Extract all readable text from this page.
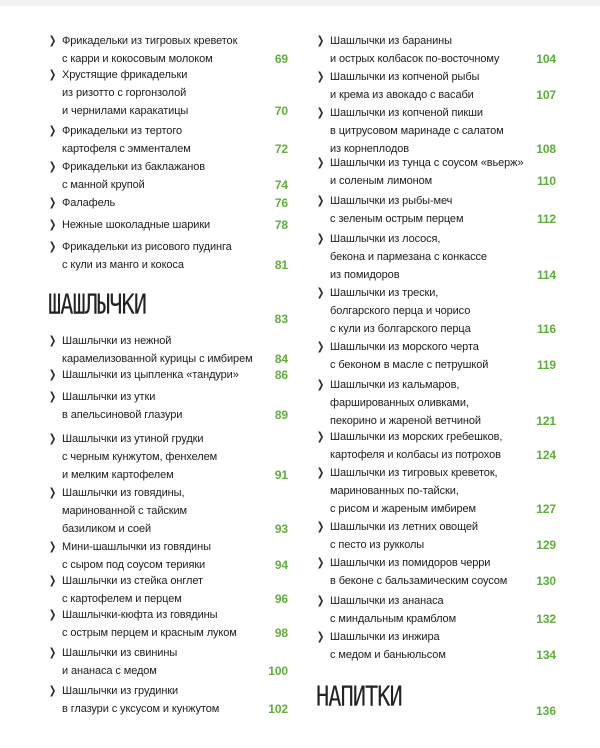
❯ Фрикадельки из тигровых креветок
с карри и кокосовым молоком	69
❯ Хрустящие фрикадельки
из ризотто с горгонзолой
и чернилами каракатицы	70
❯ Фрикадельки из тертого
картофеля с эмменталем	72
❯ Фрикадельки из баклажанов
с манной крупой	74
❯ Фалафель	76
❯ Нежные шоколадные шарики	78
❯ Фрикадельки из рисового пудинга
с кули из манго и кокоса	81
ШАШЛЫЧКИ	83
❯ Шашлычки из нежной
карамелизованной курицы с имбирем 84
❯ Шашлычки из цыпленка «тандури»	86
❯ Шашлычки из утки
в апельсиновой глазури	89
❯ Шашлычки из утиной грудки
с черным кунжутом, фенхелем
и мелким картофелем	91
❯ Шашлычки из говядины,
маринованной с тайским
базиликом и соей	93
❯ Мини-шашлычки из говядины
с сыром под соусом терияки	94
❯ Шашлычки из стейка онглет
с картофелем и перцем	96
❯ Шашлычки-кюфта из говядины
с острым перцем и красным луком	98
❯ Шашлычки из свинины
и ананаса с медом	100
❯ Шашлычки из грудинки
в глазури с уксусом и кунжутом	102
❯ Шашлычки из баранины
и острых колбасок по-восточному	104
❯ Шашлычки из копченой рыбы
и крема из авокадо с васаби	107
❯ Шашлычки из копченой пикши
в цитрусовом маринаде с салатом
из корнеплодов	108
❯ Шашлычки из тунца с соусом «вьерж»
и соленым лимоном	110
❯ Шашлычки из рыбы-меч
с зеленым острым перцем	112
❯ Шашлычки из лосося,
бекона и пармезана с конкассе
из помидоров	114
❯ Шашлычки из трески,
болгарского перца и чорисо
с кули из болгарского перца	116
❯ Шашлычки из морского черта
с беконом в масле с петрушкой	119
❯ Шашлычки из кальмаров,
фаршированных оливками,
пекорино и жареной ветчиной	121
❯ Шашлычки из морских гребешков,
картофеля и колбасы из потрохов	124
❯ Шашлычки из тигровых креветок,
маринованных по-тайски,
с рисом и жареным имбирем	127
❯ Шашлычки из летних овощей
с песто из рукколы	129
❯ Шашлычки из помидоров черри
в беконе с бальзамическим соусом 130
❯ Шашлычки из ананаса
с миндальным крамблом	132
❯ Шашлычки из инжира
с медом и баньюльсом	134
НАПИТКИ	136
